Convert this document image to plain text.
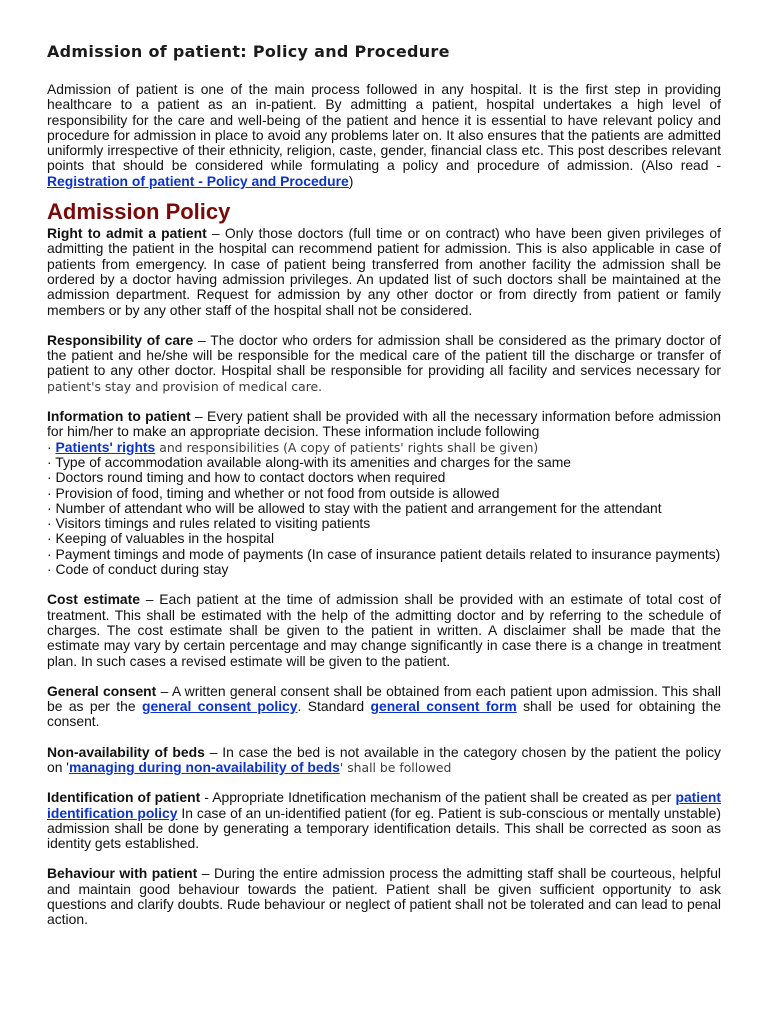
Admission of patient: Policy and Procedure

Admission of patient is one of the main process followed in any hospital. It is the first step in providing healthcare to a patient as an in-patient. By admitting a patient, hospital undertakes a high level of responsibility for the care and well-being of the patient and hence it is essential to have relevant policy and procedure for admission in place to avoid any problems later on. It also ensures that the patients are admitted uniformly irrespective of their ethnicity, religion, caste, gender, financial class etc. This post describes relevant points that should be considered while formulating a policy and procedure of admission. (Also read - Registration of patient - Policy and Procedure)

Admission Policy

Right to admit a patient – Only those doctors (full time or on contract) who have been given privileges of admitting the patient in the hospital can recommend patient for admission. This is also applicable in case of patients from emergency. In case of patient being transferred from another facility the admission shall be ordered by a doctor having admission privileges. An updated list of such doctors shall be maintained at the admission department. Request for admission by any other doctor or from directly from patient or family members or by any other staff of the hospital shall not be considered.

Responsibility of care – The doctor who orders for admission shall be considered as the primary doctor of the patient and he/she will be responsible for the medical care of the patient till the discharge or transfer of patient to any other doctor. Hospital shall be responsible for providing all facility and services necessary for patient's stay and provision of medical care.

Information to patient – Every patient shall be provided with all the necessary information before admission for him/her to make an appropriate decision. These information include following

· Patients' rights and responsibilities (A copy of patients' rights shall be given)
· Type of accommodation available along-with its amenities and charges for the same
· Doctors round timing and how to contact doctors when required
· Provision of food, timing and whether or not food from outside is allowed
· Number of attendant who will be allowed to stay with the patient and arrangement for the attendant
· Visitors timings and rules related to visiting patients
· Keeping of valuables in the hospital
· Payment timings and mode of payments (In case of insurance patient details related to insurance payments)
· Code of conduct during stay

Cost estimate – Each patient at the time of admission shall be provided with an estimate of total cost of treatment. This shall be estimated with the help of the admitting doctor and by referring to the schedule of charges. The cost estimate shall be given to the patient in written. A disclaimer shall be made that the estimate may vary by certain percentage and may change significantly in case there is a change in treatment plan. In such cases a revised estimate will be given to the patient.

General consent – A written general consent shall be obtained from each patient upon admission. This shall be as per the general consent policy. Standard general consent form shall be used for obtaining the consent.

Non-availability of beds – In case the bed is not available in the category chosen by the patient the policy on 'managing during non-availability of beds' shall be followed

Identification of patient - Appropriate Idnetification mechanism of the patient shall be created as per patient identification policy In case of an un-identified patient (for eg. Patient is sub-conscious or mentally unstable) admission shall be done by generating a temporary identification details. This shall be corrected as soon as identity gets established.

Behaviour with patient – During the entire admission process the admitting staff shall be courteous, helpful and maintain good behaviour towards the patient. Patient shall be given sufficient opportunity to ask questions and clarify doubts. Rude behaviour or neglect of patient shall not be tolerated and can lead to penal action.
